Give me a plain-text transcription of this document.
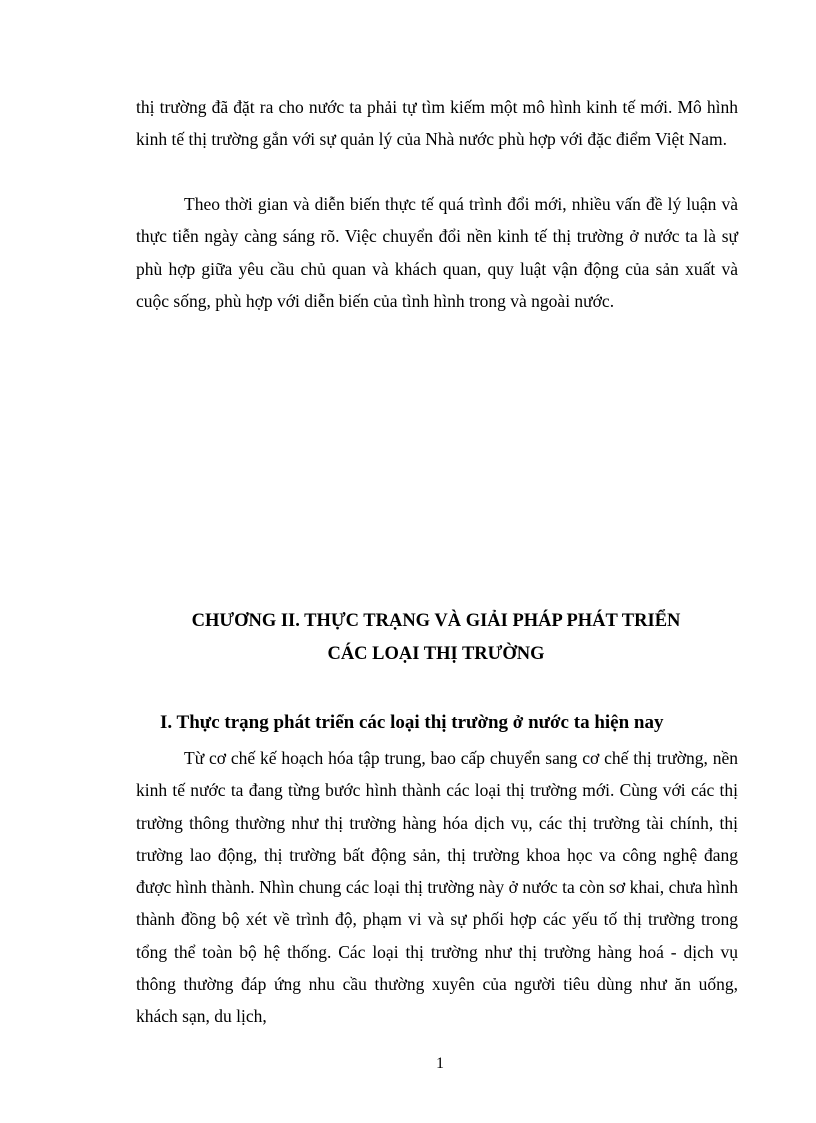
thị trường đã đặt ra cho nước ta phải tự tìm kiếm một mô hình kinh tế mới. Mô hình kinh tế thị trường gắn với sự quản lý của Nhà nước phù hợp với đặc điểm Việt Nam.

Theo thời gian và diễn biến thực tế quá trình đổi mới, nhiều vấn đề lý luận và thực tiễn ngày càng sáng rõ. Việc chuyển đổi nền kinh tế thị trường ở nước ta là sự phù hợp giữa yêu cầu chủ quan và khách quan, quy luật vận động của sản xuất và cuộc sống, phù hợp với diễn biến của tình hình trong và ngoài nước.

CHƯƠNG II. THỰC TRẠNG VÀ GIẢI PHÁP PHÁT TRIỂN
CÁC LOẠI THỊ TRƯỜNG
I. Thực trạng phát triển các loại thị trường ở nước ta hiện nay

Từ cơ chế kế hoạch hóa tập trung, bao cấp chuyển sang cơ chế thị trường, nền kinh tế nước ta đang từng bước hình thành các loại thị trường mới. Cùng với các thị trường thông thường như thị trường hàng hóa dịch vụ, các thị trường tài chính, thị trường lao động, thị trường bất động sản, thị trường khoa học va công nghệ đang được hình thành. Nhìn chung các loại thị trường này ở nước ta còn sơ khai, chưa hình thành đồng bộ xét về trình độ, phạm vi và sự phối hợp các yếu tố thị trường trong tổng thể toàn bộ hệ thống. Các loại thị trường như thị trường hàng hoá - dịch vụ thông thường đáp ứng nhu cầu thường xuyên của người tiêu dùng như ăn uống, khách sạn, du lịch,

1
